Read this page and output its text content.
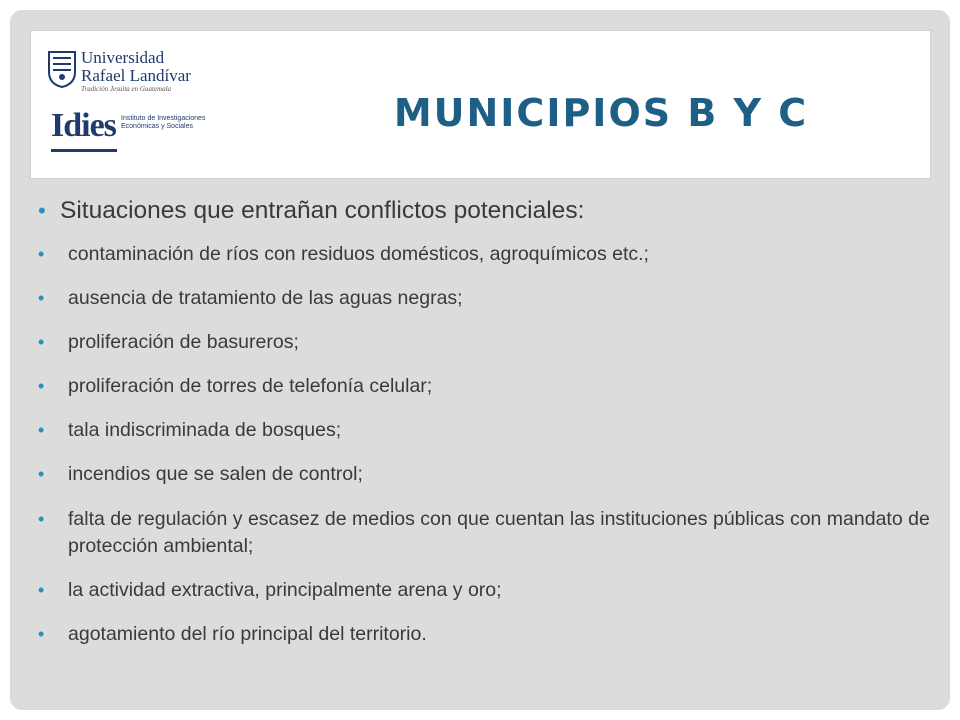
Universidad
Rafael Landívar
Tradición Jesuita en Guatemala
Idies Instituto de Investigaciones Económicas y Sociales	MUNICIPIOS B Y C
• Situaciones que entrañan conflictos potenciales:
• contaminación de ríos con residuos domésticos, agroquímicos etc.;
• ausencia de tratamiento de las aguas negras;
• proliferación de basureros;
• proliferación de torres de telefonía celular;
• tala indiscriminada de bosques;
• incendios que se salen de control;
• falta de regulación y escasez de medios con que cuentan las instituciones públicas con mandato de protección ambiental;
• la actividad extractiva, principalmente arena y oro;
• agotamiento del río principal del territorio.
